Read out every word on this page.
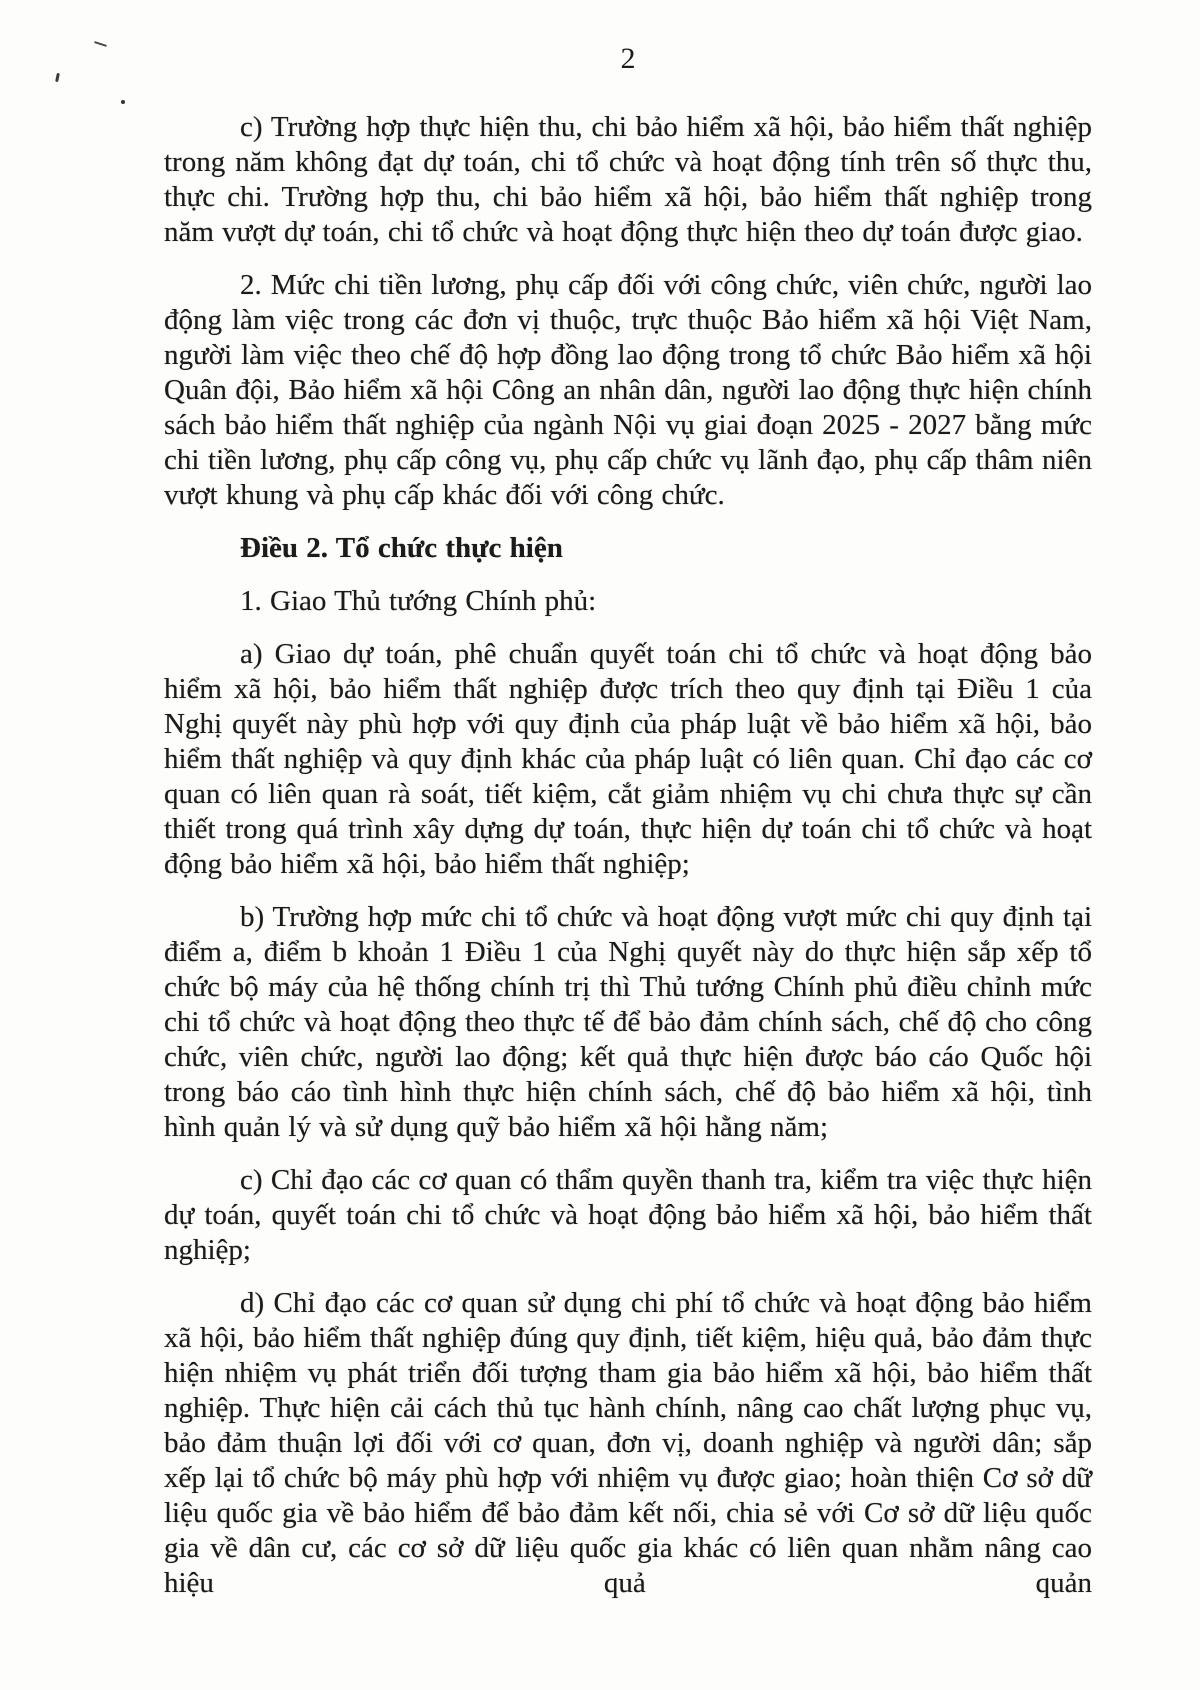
2

c) Trường hợp thực hiện thu, chi bảo hiểm xã hội, bảo hiểm thất nghiệp trong năm không đạt dự toán, chi tổ chức và hoạt động tính trên số thực thu, thực chi. Trường hợp thu, chi bảo hiểm xã hội, bảo hiểm thất nghiệp trong năm vượt dự toán, chi tổ chức và hoạt động thực hiện theo dự toán được giao.

2. Mức chi tiền lương, phụ cấp đối với công chức, viên chức, người lao động làm việc trong các đơn vị thuộc, trực thuộc Bảo hiểm xã hội Việt Nam, người làm việc theo chế độ hợp đồng lao động trong tổ chức Bảo hiểm xã hội Quân đội, Bảo hiểm xã hội Công an nhân dân, người lao động thực hiện chính sách bảo hiểm thất nghiệp của ngành Nội vụ giai đoạn 2025 - 2027 bằng mức chi tiền lương, phụ cấp công vụ, phụ cấp chức vụ lãnh đạo, phụ cấp thâm niên vượt khung và phụ cấp khác đối với công chức.

Điều 2. Tổ chức thực hiện

1. Giao Thủ tướng Chính phủ:

a) Giao dự toán, phê chuẩn quyết toán chi tổ chức và hoạt động bảo hiểm xã hội, bảo hiểm thất nghiệp được trích theo quy định tại Điều 1 của Nghị quyết này phù hợp với quy định của pháp luật về bảo hiểm xã hội, bảo hiểm thất nghiệp và quy định khác của pháp luật có liên quan. Chỉ đạo các cơ quan có liên quan rà soát, tiết kiệm, cắt giảm nhiệm vụ chi chưa thực sự cần thiết trong quá trình xây dựng dự toán, thực hiện dự toán chi tổ chức và hoạt động bảo hiểm xã hội, bảo hiểm thất nghiệp;

b) Trường hợp mức chi tổ chức và hoạt động vượt mức chi quy định tại điểm a, điểm b khoản 1 Điều 1 của Nghị quyết này do thực hiện sắp xếp tổ chức bộ máy của hệ thống chính trị thì Thủ tướng Chính phủ điều chỉnh mức chi tổ chức và hoạt động theo thực tế để bảo đảm chính sách, chế độ cho công chức, viên chức, người lao động; kết quả thực hiện được báo cáo Quốc hội trong báo cáo tình hình thực hiện chính sách, chế độ bảo hiểm xã hội, tình hình quản lý và sử dụng quỹ bảo hiểm xã hội hằng năm;

c) Chỉ đạo các cơ quan có thẩm quyền thanh tra, kiểm tra việc thực hiện dự toán, quyết toán chi tổ chức và hoạt động bảo hiểm xã hội, bảo hiểm thất nghiệp;

d) Chỉ đạo các cơ quan sử dụng chi phí tổ chức và hoạt động bảo hiểm xã hội, bảo hiểm thất nghiệp đúng quy định, tiết kiệm, hiệu quả, bảo đảm thực hiện nhiệm vụ phát triển đối tượng tham gia bảo hiểm xã hội, bảo hiểm thất nghiệp. Thực hiện cải cách thủ tục hành chính, nâng cao chất lượng phục vụ, bảo đảm thuận lợi đối với cơ quan, đơn vị, doanh nghiệp và người dân; sắp xếp lại tổ chức bộ máy phù hợp với nhiệm vụ được giao; hoàn thiện Cơ sở dữ liệu quốc gia về bảo hiểm để bảo đảm kết nối, chia sẻ với Cơ sở dữ liệu quốc gia về dân cư, các cơ sở dữ liệu quốc gia khác có liên quan nhằm nâng cao hiệu quả quản
